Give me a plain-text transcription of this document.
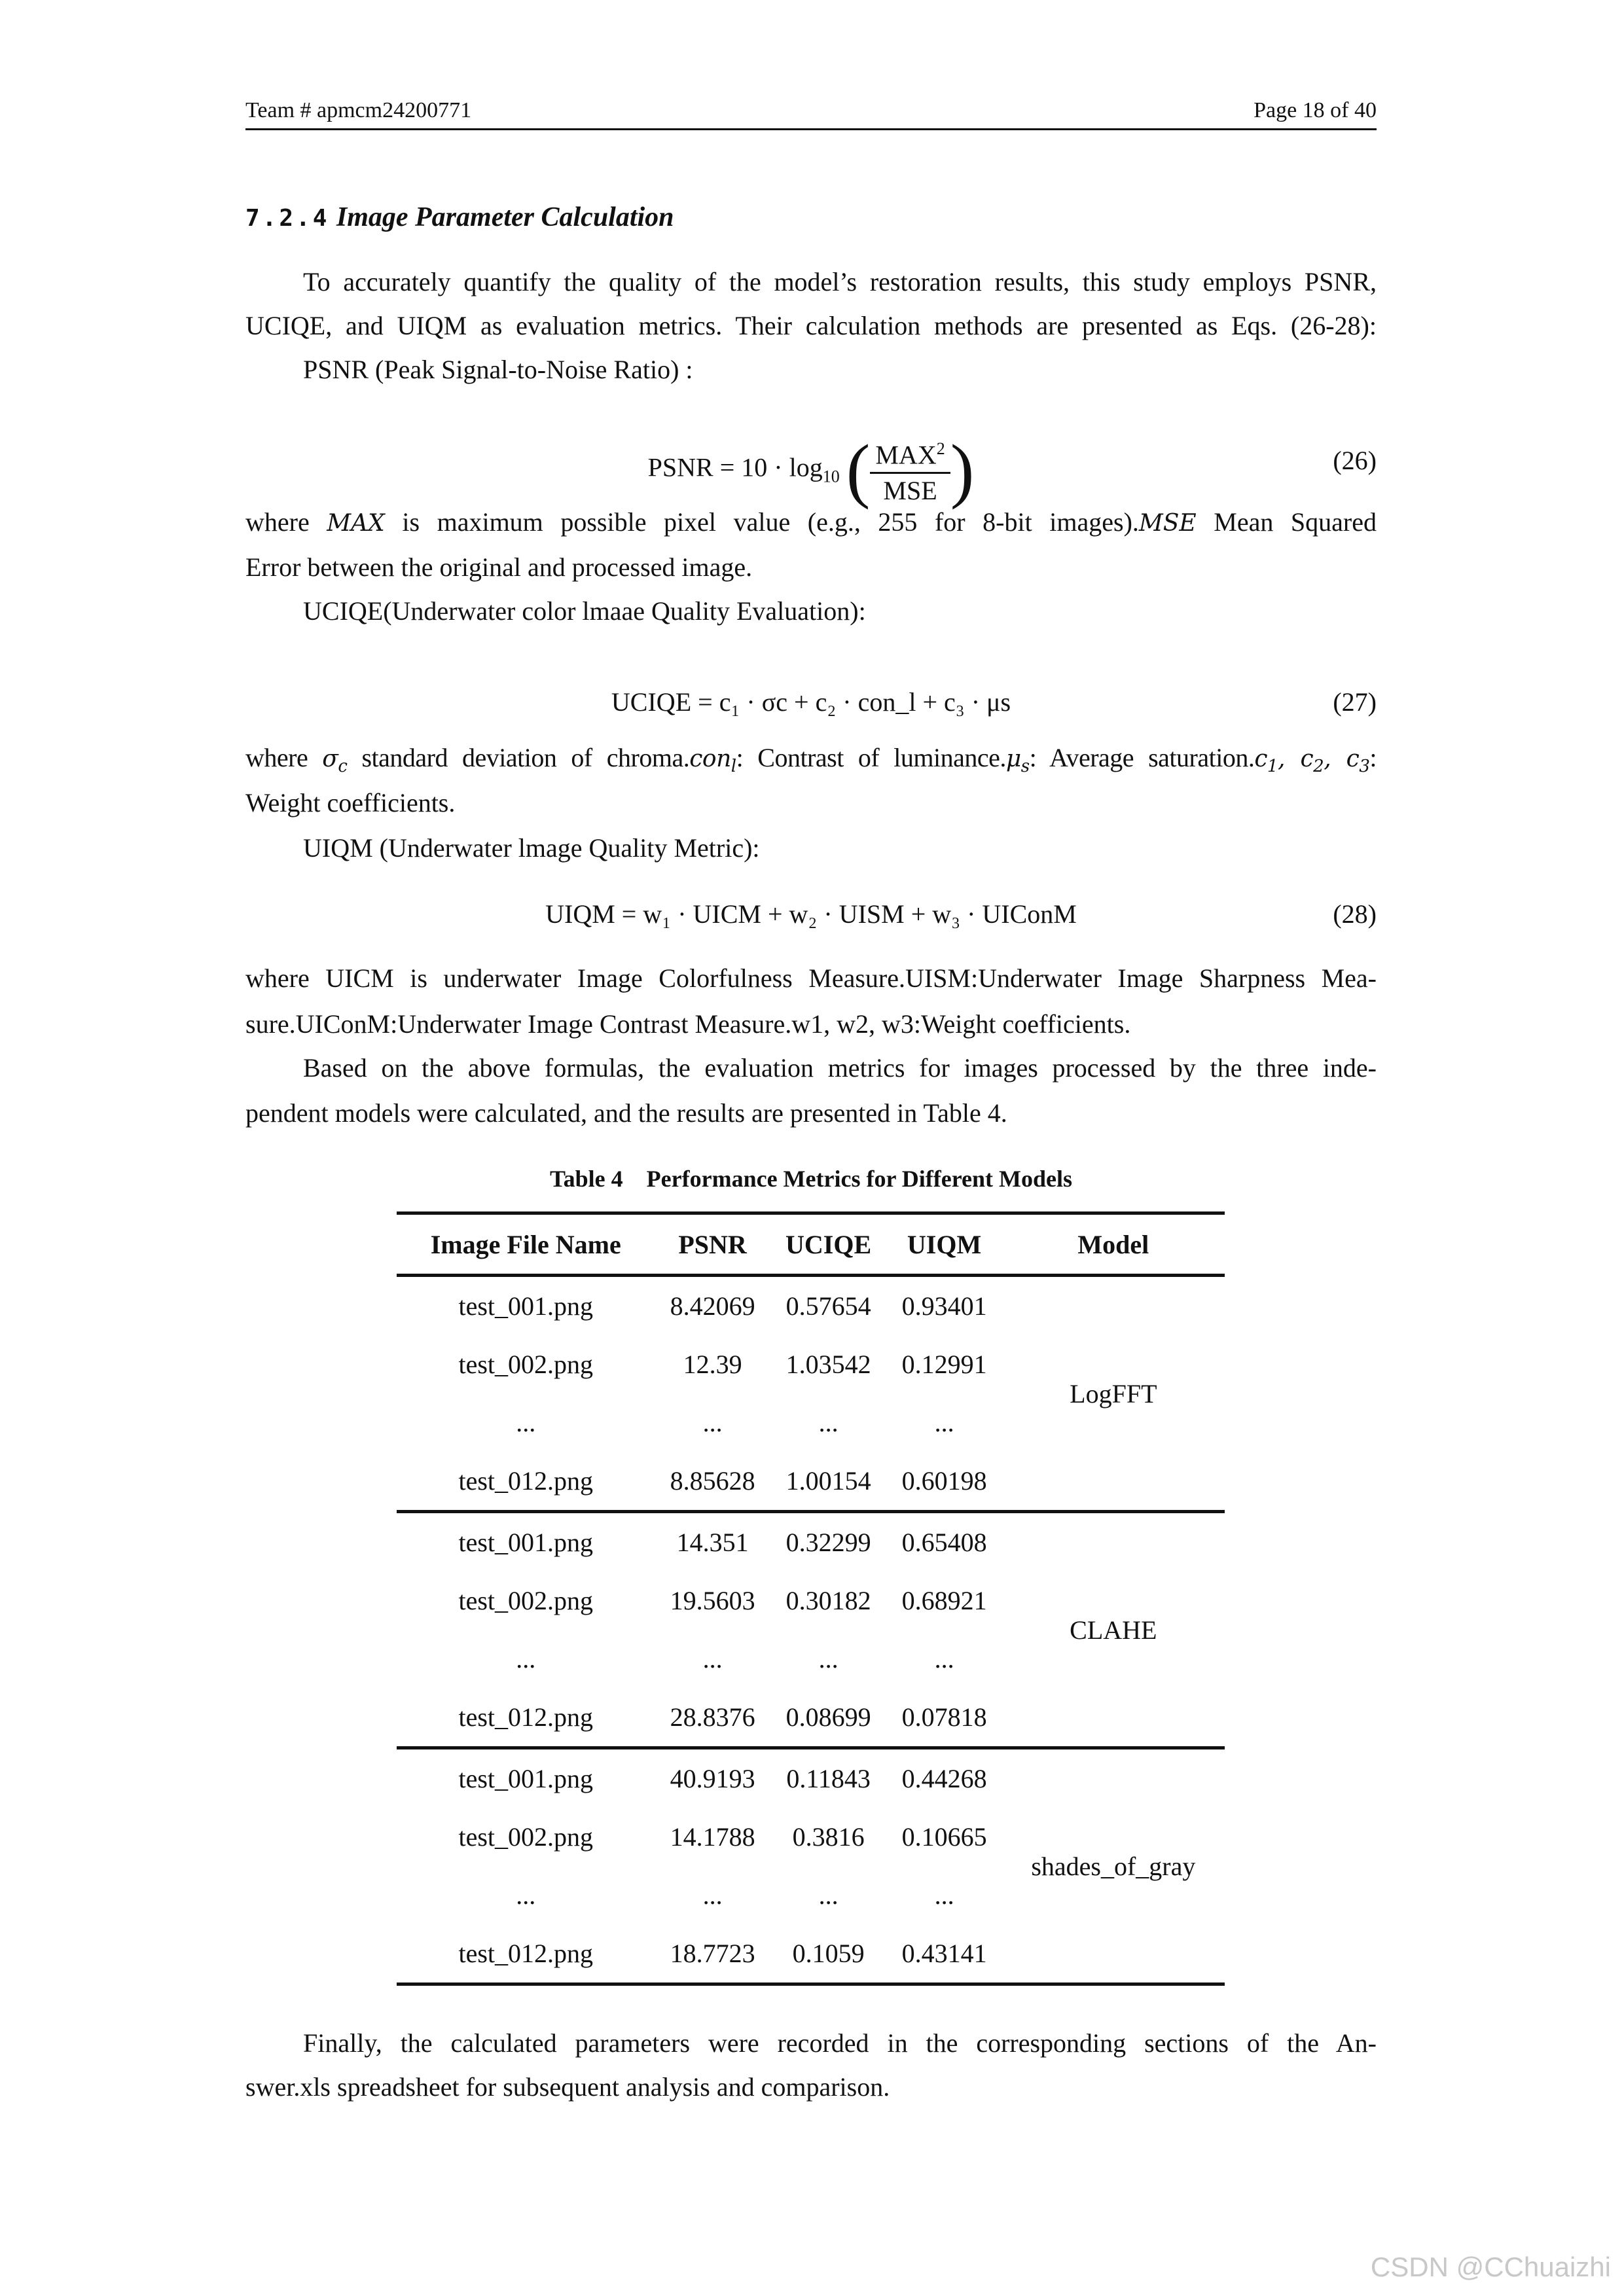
Team # apmcm24200771	Page 18 of 40
7.2.4 Image Parameter Calculation
To accurately quantify the quality of the model’s restoration results, this study employs PSNR,
UCIQE, and UIQM as evaluation metrics. Their calculation methods are presented as Eqs. (26-28):
PSNR (Peak Signal-to-Noise Ratio) :
PSNR = $10 \cdot \log_{10}$ ( $\frac{MAX^2}{\text{MSE}}$ )	(26)
where MAX is maximum possible pixel value (e.g., 255 for 8-bit images).MSE Mean Squared
Error between the original and processed image.
UCIQE(Underwater color lmaae Quality Evaluation):
UCIQE = c₁ · σc + c₂ · con_l + c₃ · μs	(27)
where $\sigma_c$ standard deviation of chroma.con$_l$: Contrast of $luminance.\mu_s$: Average $saturation.c_1$, $c_2$, $c_3$:
Weight coefficients.
UIQM (Underwater lmage Quality Metric):
UIQM = w₁ · UICM + w₂ · UISM + w₃ · UIConM	(28)
where UICM is underwater Image Colorfulness Measure.UISM:Underwater Image Sharpness Mea-
sure.UIConM:Underwater Image Contrast Measure.w1, w2, w3:Weight coefficients.
Based on the above formulas, the evaluation metrics for images processed by the three inde-
pendent models were calculated, and the results are presented in Table 4.
Table 4    Performance Metrics for Different Models
Image File Name	PSNR	UCIQE	UIQM	Model
test_001.png	8.42069	0.57654	0.93401	LogFFT
test_002.png	12.39	1.03542	0.12991	
...	...	...	...	
test_012.png	8.85628	1.00154	0.60198	
test_001.png	14.351	0.32299	0.65408	CLAHE
test_002.png	19.5603	0.30182	0.68921	
...	...	...	...	
test_012.png	28.8376	0.08699	0.07818	
test_001.png	40.9193	0.11843	0.44268	shades_of_gray
test_002.png	14.1788	0.3816	0.10665	
...	...	...	...	
test_012.png	18.7723	0.1059	0.43141	
Finally, the calculated parameters were recorded in the corresponding sections of the An-
swer.xls spreadsheet for subsequent analysis and comparison.
CSDN @CChuaizhi
